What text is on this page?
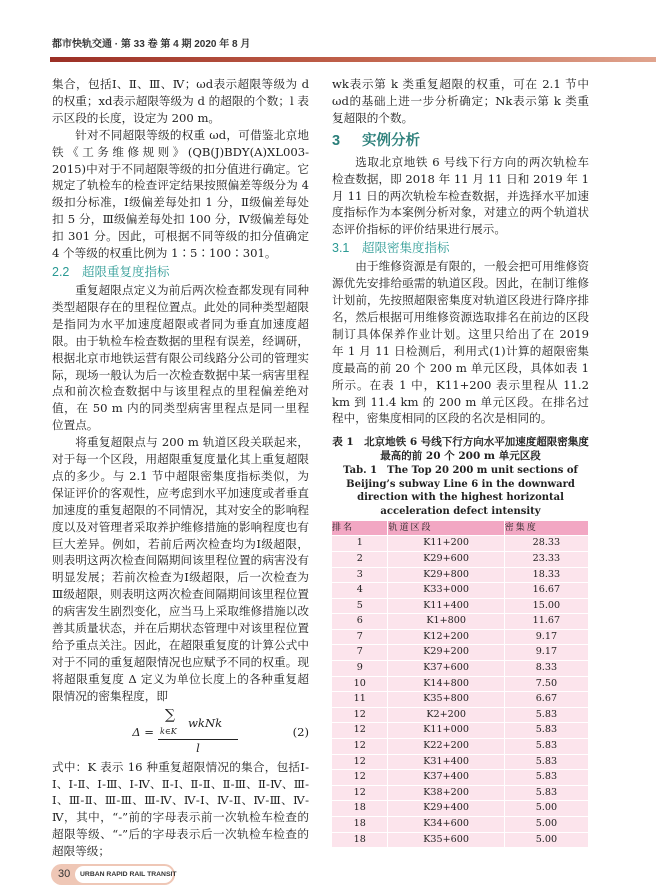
都市快轨交通 · 第 33 卷 第 4 期 2020 年 8 月

集合，包括Ⅰ、Ⅱ、Ⅲ、Ⅳ；ωd表示超限等级为 d 的权重；xd表示超限等级为 d 的超限的个数；l 表示区段的长度，设定为 200 m。

针对不同超限等级的权重 ωd，可借鉴北京地铁《工务维修规则》(QB(J)BDY(A)XL003-2015)中对于不同超限等级的扣分值进行确定。它规定了轨检车的检查评定结果按照偏差等级分为 4 级扣分标准，Ⅰ级偏差每处扣 1 分，Ⅱ级偏差每处扣 5 分，Ⅲ级偏差每处扣 100 分，Ⅳ级偏差每处扣 301 分。因此，可根据不同等级的扣分值确定 4 个等级的权重比例为 1∶5∶100∶301。

2.2 超限重复度指标

重复超限点定义为前后两次检查都发现有同种类型超限存在的里程位置点。此处的同种类型超限是指同为水平加速度超限或者同为垂直加速度超限。由于轨检车检查数据的里程有误差，经调研，根据北京市地铁运营有限公司线路分公司的管理实际，现场一般认为后一次检查数据中某一病害里程点和前次检查数据中与该里程点的里程偏差绝对值，在 50 m 内的同类型病害里程点是同一里程位置点。

将重复超限点与 200 m 轨道区段关联起来，对于每一个区段，用超限重复度量化其上重复超限点的多少。与 2.1 节中超限密集度指标类似，为保证评价的客观性，应考虑到水平加速度或者垂直加速度的重复超限的不同情况，其对安全的影响程度以及对管理者采取养护维修措施的影响程度也有巨大差异。例如，若前后两次检查均为Ⅰ级超限，则表明这两次检查间隔期间该里程位置的病害没有明显发展；若前次检查为Ⅰ级超限，后一次检查为Ⅲ级超限，则表明这两次检查间隔期间该里程位置的病害发生剧烈变化，应当马上采取维修措施以改善其质量状态，并在后期状态管理中对该里程位置给予重点关注。因此，在超限重复度的计算公式中对于不同的重复超限情况也应赋予不同的权重。现将超限重复度 Δ 定义为单位长度上的各种重复超限情况的密集程度，即

Δ =
∑
k∈K
wkNk
l
(2)

式中：K 表示 16 种重复超限情况的集合，包括Ⅰ-Ⅰ、Ⅰ-Ⅱ、Ⅰ-Ⅲ、Ⅰ-Ⅳ、Ⅱ-Ⅰ、Ⅱ-Ⅱ、Ⅱ-Ⅲ、Ⅱ-Ⅳ、Ⅲ-Ⅰ、Ⅲ-Ⅱ、Ⅲ-Ⅲ、Ⅲ-Ⅳ、Ⅳ-Ⅰ、Ⅳ-Ⅱ、Ⅳ-Ⅲ、Ⅳ-Ⅳ，其中，“-”前的字母表示前一次轨检车检查的超限等级、“-”后的字母表示后一次轨检车检查的超限等级；

wk表示第 k 类重复超限的权重，可在 2.1 节中 ωd的基础上进一步分析确定；Nk表示第 k 类重复超限的个数。

3 实例分析

选取北京地铁 6 号线下行方向的两次轨检车检查数据，即 2018 年 11 月 11 日和 2019 年 1 月 11 日的两次轨检车检查数据，并选择水平加速度指标作为本案例分析对象，对建立的两个轨道状态评价指标的评价结果进行展示。

3.1 超限密集度指标

由于维修资源是有限的，一般会把可用维修资源优先安排给亟需的轨道区段。因此，在制订维修计划前，先按照超限密集度对轨道区段进行降序排名，然后根据可用维修资源选取排名在前边的区段制订具体保养作业计划。这里只给出了在 2019 年 1 月 11 日检测后，利用式(1)计算的超限密集度最高的前 20 个 200 m 单元区段，具体如表 1 所示。在表 1 中，K11+200 表示里程从 11.2 km 到 11.4 km 的 200 m 单元区段。在排名过程中，密集度相同的区段的名次是相同的。

表 1　北京地铁 6 号线下行方向水平加速度超限密集度
最高的前 20 个 200 m 单元区段
Tab. 1　The Top 20 200 m unit sections of Beijing’s subway Line 6 in the downward direction with the highest horizontal acceleration defect intensity
排名	轨道区段	密集度
1	K11+200	28.33
2	K29+600	23.33
3	K29+800	18.33
4	K33+000	16.67
5	K11+400	15.00
6	K1+800	11.67
7	K12+200	9.17
7	K29+200	9.17
9	K37+600	8.33
10	K14+800	7.50
11	K35+800	6.67
12	K2+200	5.83
12	K11+000	5.83
12	K22+200	5.83
12	K31+400	5.83
12	K37+400	5.83
12	K38+200	5.83
18	K29+400	5.00
18	K34+600	5.00
18	K35+600	5.00
30	URBAN RAPID RAIL TRANSIT
